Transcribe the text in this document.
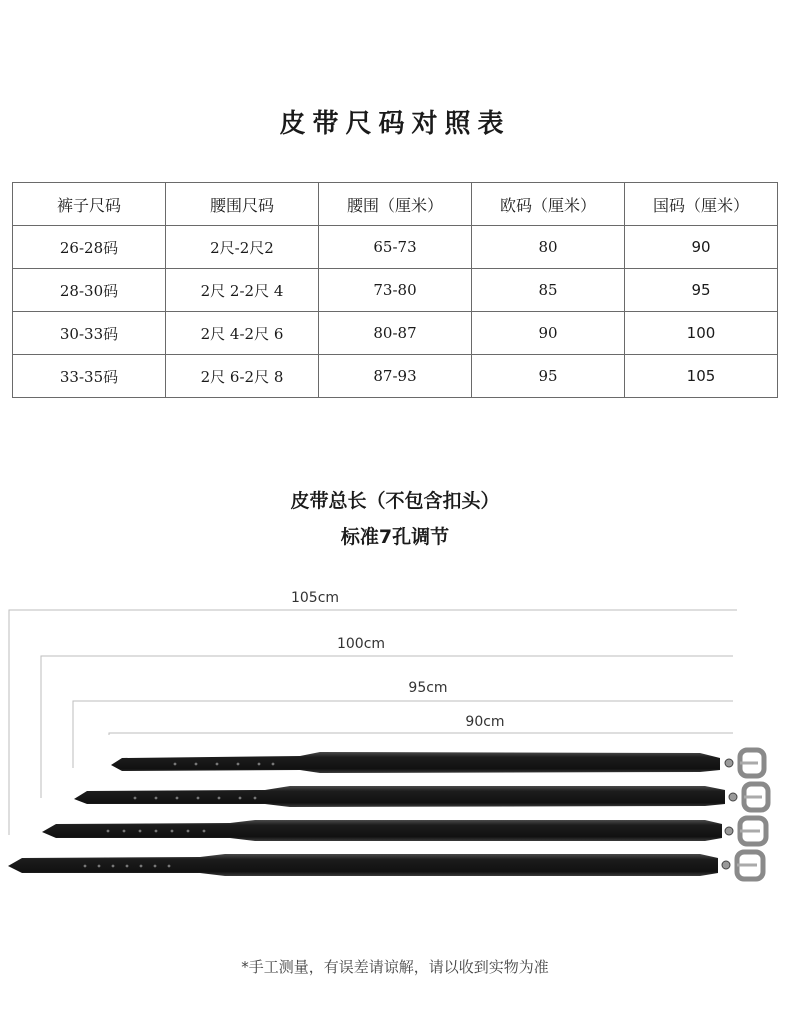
皮带尺码对照表
裤子尺码	腰围尺码	腰围（厘米）	欧码（厘米）	国码（厘米）
26-28码	2尺-2尺2	65-73	80	90
28-30码	2尺 2-2尺 4	73-80	85	95
30-33码	2尺 4-2尺 6	80-87	90	100
33-35码	2尺 6-2尺 8	87-93	95	105
皮带总长（不包含扣头）
标准7孔调节
105cm
100cm
95cm
90cm
*手工测量，有误差请谅解，请以收到实物为准
